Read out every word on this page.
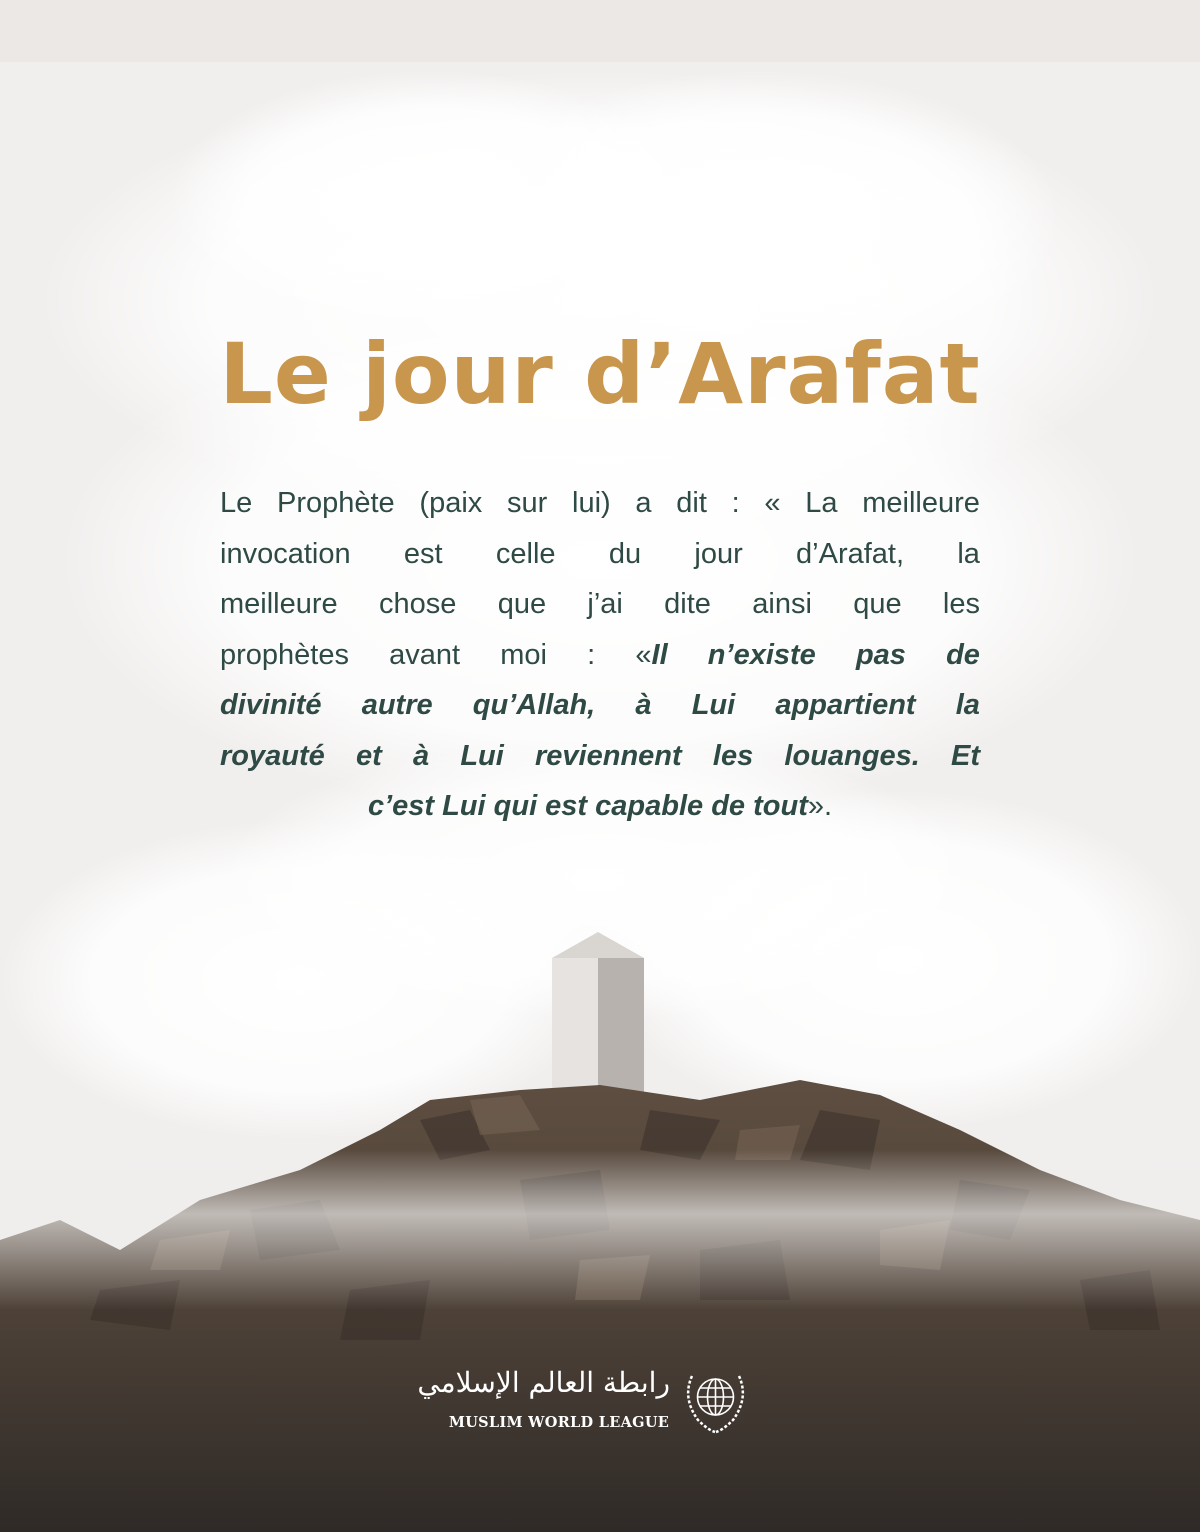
Le jour d’Arafat
Le Prophète (paix sur lui) a dit : « La meilleure
invocation est celle du jour d’Arafat, la
meilleure chose que j’ai dite ainsi que les
prophètes avant moi : «Il n’existe pas de
divinité autre qu’Allah, à Lui appartient la
royauté et à Lui reviennent les louanges. Et
c’est Lui qui est capable de tout ».
رابطة العالم الإسلامي
MUSLIM WORLD LEAGUE
